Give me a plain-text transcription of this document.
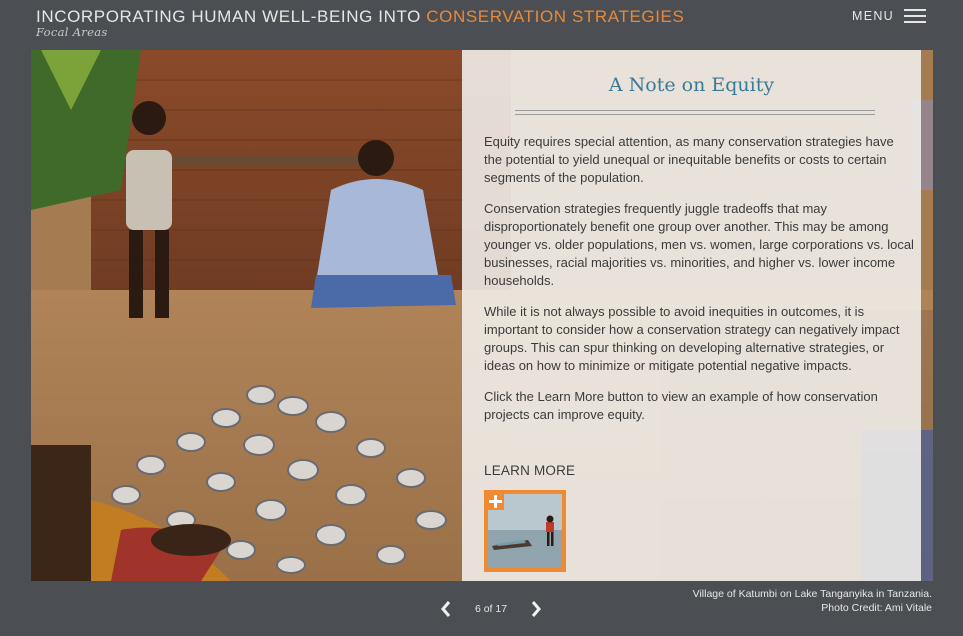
INCORPORATING HUMAN WELL-BEING INTO CONSERVATION STRATEGIES
Focal Areas
MENU
A Note on Equity

Equity requires special attention, as many conservation strategies have the potential to yield unequal or inequitable benefits or costs to certain segments of the population.

Conservation strategies frequently juggle tradeoffs that may disproportionately benefit one group over another. This may be among younger vs. older populations, men vs. women, large corporations vs. local businesses, racial majorities vs. minorities, and higher vs. lower income households.

While it is not always possible to avoid inequities in outcomes, it is important to consider how a conservation strategy can negatively impact groups. This can spur thinking on developing alternative strategies, or ideas on how to minimize or mitigate potential negative impacts.

Click the Learn More button to view an example of how conservation projects can improve equity.

LEARN MORE
6 of 17
Village of Katumbi on Lake Tanganyika in Tanzania.
Photo Credit: Ami Vitale
